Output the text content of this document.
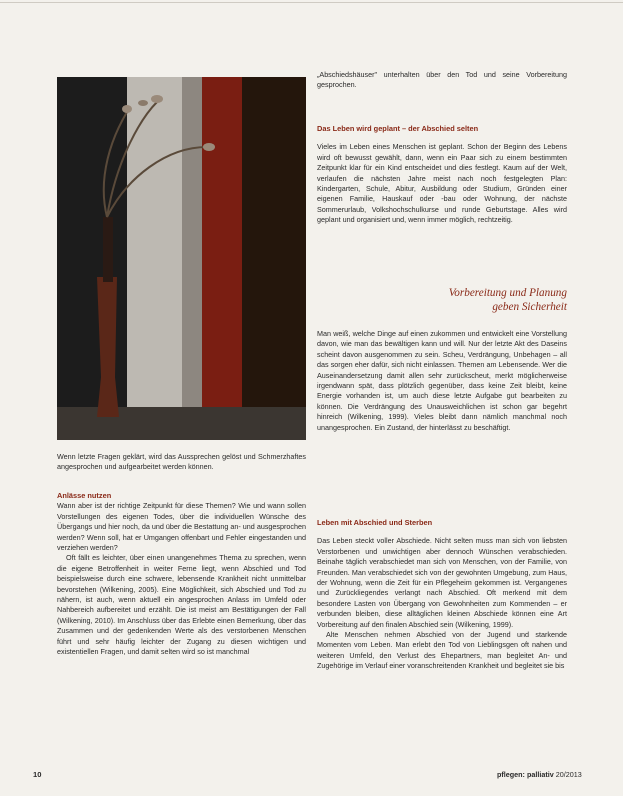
Wenn letzte Fragen geklärt, wird das Aussprechen gelöst und Schmerzhaftes angesprochen und aufgearbeitet werden können.

Anlässe nutzen

Wann aber ist der richtige Zeitpunkt für diese Themen? Wie und wann sollen Vorstellungen des eigenen Todes, über die individuellen Wünsche des Übergangs und hier noch, da und über die Bestattung an- und ausgesprochen werden? Wenn soll, hat er Umgangen offenbart und Fehler eingestanden und verziehen werden?

Oft fällt es leichter, über einen unangenehmes Thema zu sprechen, wenn die eigene Betroffenheit in weiter Ferne liegt, wenn Abschied und Tod beispielsweise durch eine schwere, lebensende Krankheit nicht unmittelbar bevorstehen (Wilkening, 2005). Eine Möglichkeit, sich Abschied und Tod zu nähern, ist auch, wenn aktuell ein angesprochen Anlass im Umfeld oder Nahbereich aufbereitet und erzählt. Die ist meist am Bestätigungen der Fall (Wilkening, 2010). Im Anschluss über das Erlebte einen Bemerkung, über das Zusammen und der gedenkenden Werte als des verstorbenen Menschen führt und sehr häufig leichter der Zugang zu diesen wichtigen und existentiellen Fragen, und damit selten wird so ist manchmal

„Abschiedshäuser" unterhalten über den Tod und seine Vorbereitung gesprochen.

Das Leben wird geplant – der Abschied selten

Vieles im Leben eines Menschen ist geplant. Schon der Beginn des Lebens wird oft bewusst gewählt, dann, wenn ein Paar sich zu einem bestimmten Zeitpunkt klar für ein Kind entscheidet und dies festlegt. Kaum auf der Welt, verlaufen die nächsten Jahre meist nach noch festgelegten Plan: Kindergarten, Schule, Abitur, Ausbildung oder Studium, Gründen einer eigenen Familie, Hauskauf oder -bau oder Wohnung, der nächste Sommerurlaub, Volkshochschulkurse und runde Geburtstage. Alles wird geplant und organisiert und, wenn immer möglich, rechtzeitig.

Vorbereitung und Planung
geben Sicherheit

Man weiß, welche Dinge auf einen zukommen und entwickelt eine Vorstellung davon, wie man das bewältigen kann und will. Nur der letzte Akt des Daseins scheint davon ausgenommen zu sein. Scheu, Verdrängung, Unbehagen – all das sorgen eher dafür, sich nicht einlassen. Themen am Lebensende. Wer die Auseinandersetzung damit allen sehr zurückscheut, merkt möglicherweise irgendwann spät, dass plötzlich gegenüber, dass keine Zeit bleibt, keine Energie vorhanden ist, um auch diese letzte Aufgabe gut bearbeiten zu können. Die Verdrängung des Unausweichlichen ist schon gar begehrt hinreich (Wilkening, 1999). Vieles bleibt dann nämlich manchmal noch unangesprochen. Ein Zustand, der hinterlässt zu beschäftigt.

Leben mit Abschied und Sterben

Das Leben steckt voller Abschiede. Nicht selten muss man sich von liebsten Verstorbenen und unwichtigen aber dennoch Wünschen verabschieden. Beinahe täglich verabschiedet man sich von Menschen, von der Familie, von Freunden. Man verabschiedet sich von der gewohnten Umgebung, zum Haus, der Wohnung, wenn die Zeit für ein Pflegeheim gekommen ist. Vergangenes und Zurückliegendes verlangt nach Abschied. Oft merkend mit dem besondere Lasten von Übergang von Gewohnheiten zum Kommenden – er verbunden bleiben, diese alltäglichen kleinen Abschiede können eine Art Vorbereitung auf den finalen Abschied sein (Wilkening, 1999).

Alte Menschen nehmen Abschied von der Jugend und starkende Momenten vom Leben. Man erlebt den Tod von Lieblingsgen oft nahen und weiteren Umfeld, den Verlust des Ehepartners, man begleitet An- und Zugehörige im Verlauf einer voranschreitenden Krankheit und begleitet sie bis

10	pflegen: palliativ 20/2013
